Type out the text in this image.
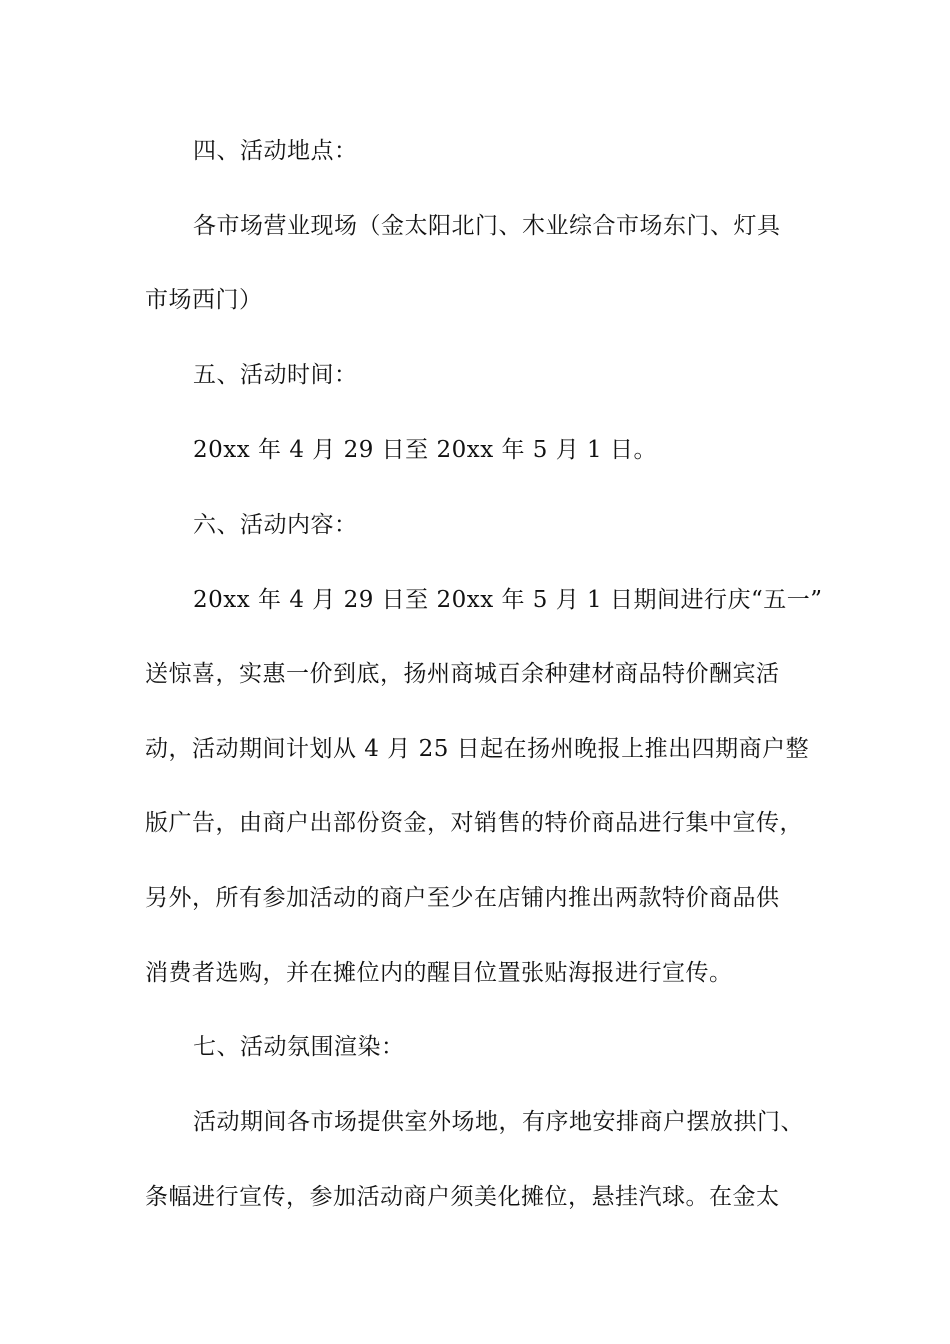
四、活动地点：
各市场营业现场（金太阳北门、木业综合市场东门、灯具
市场西门）
五、活动时间：
20xx 年 4 月 29 日至 20xx 年 5 月 1 日。
六、活动内容：
20xx 年 4 月 29 日至 20xx 年 5 月 1 日期间进行庆“五一”
送惊喜，实惠一价到底，扬州商城百余种建材商品特价酬宾活
动，活动期间计划从 4 月 25 日起在扬州晚报上推出四期商户整
版广告，由商户出部份资金，对销售的特价商品进行集中宣传，
另外，所有参加活动的商户至少在店铺内推出两款特价商品供
消费者选购，并在摊位内的醒目位置张贴海报进行宣传。
七、活动氛围渲染：
活动期间各市场提供室外场地，有序地安排商户摆放拱门、
条幅进行宣传，参加活动商户须美化摊位，悬挂汽球。在金太
